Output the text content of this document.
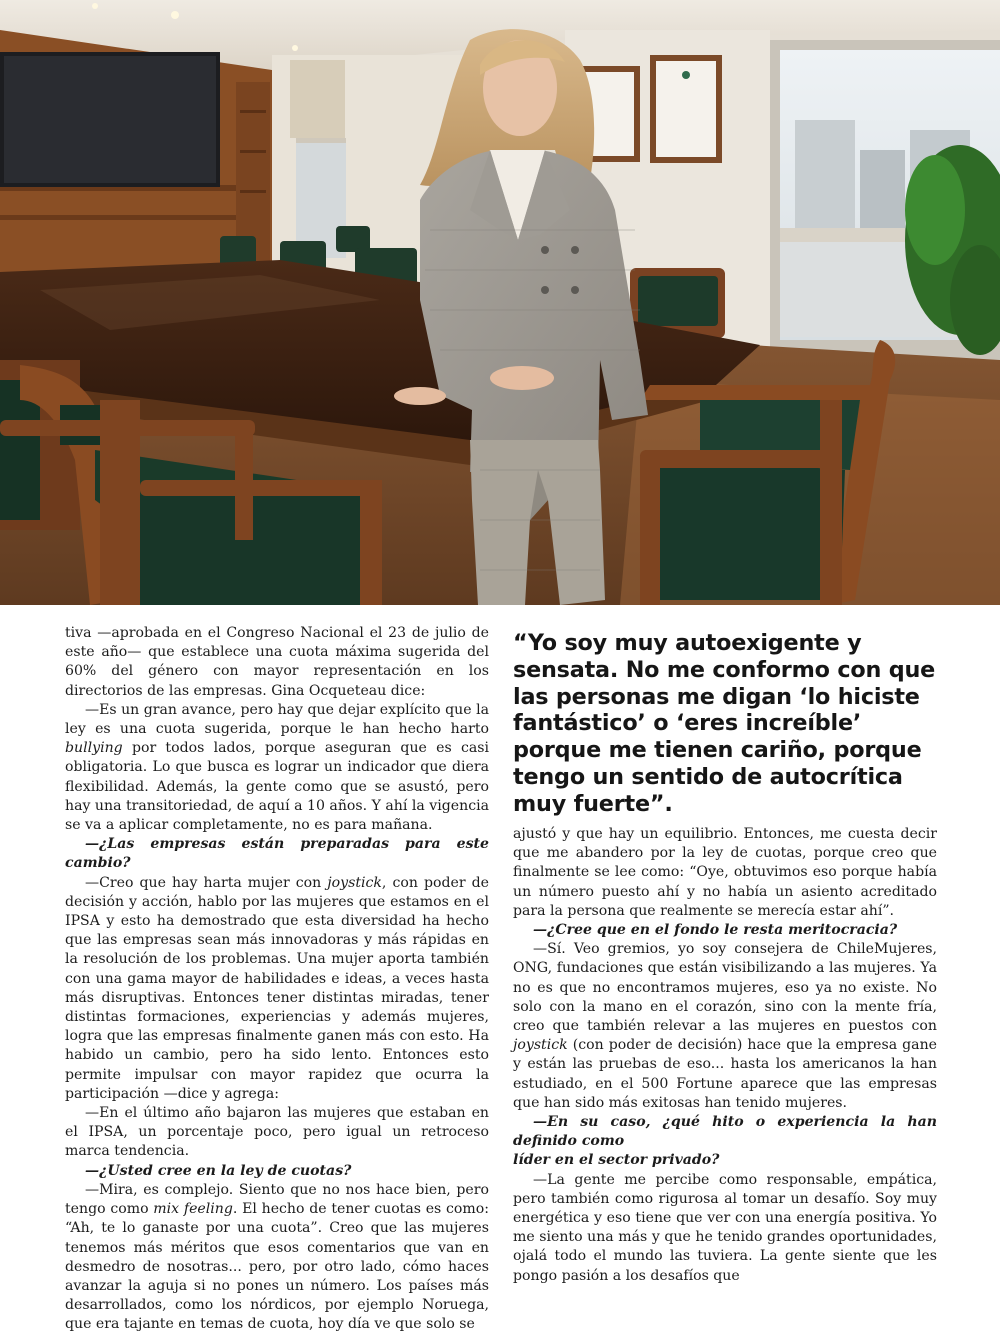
tiva —aprobada en el Congreso Nacional el 23 de julio de este año— que establece una cuota máxima sugerida del 60% del género con mayor representación en los directorios de las empresas. Gina Ocqueteau dice:

—Es un gran avance, pero hay que dejar explícito que la ley es una cuota sugerida, porque le han hecho harto bullying por todos lados, porque aseguran que es casi obligatoria. Lo que busca es lograr un indicador que diera flexibilidad. Además, la gente como que se asustó, pero hay una transitoriedad, de aquí a 10 años. Y ahí la vigencia se va a aplicar completamente, no es para mañana.

—¿Las empresas están preparadas para este cambio?

—Creo que hay harta mujer con joystick, con poder de decisión y acción, hablo por las mujeres que estamos en el IPSA y esto ha demostrado que esta diversidad ha hecho que las empresas sean más innovadoras y más rápidas en la resolución de los problemas. Una mujer aporta también con una gama mayor de habilidades e ideas, a veces hasta más disruptivas. Entonces tener distintas miradas, tener distintas formaciones, experiencias y además mujeres, logra que las empresas finalmente ganen más con esto. Ha habido un cambio, pero ha sido lento. Entonces esto permite impulsar con mayor rapidez que ocurra la participación —dice y agrega:

—En el último año bajaron las mujeres que estaban en el IPSA, un porcentaje poco, pero igual un retroceso marca tendencia.

—¿Usted cree en la ley de cuotas?

—Mira, es complejo. Siento que no nos hace bien, pero tengo como mix feeling. El hecho de tener cuotas es como: “Ah, te lo ganaste por una cuota”. Creo que las mujeres tenemos más méritos que esos comentarios que van en desmedro de nosotras... pero, por otro lado, cómo haces avanzar la aguja si no pones un número. Los países más desarrollados, como los nórdicos, por ejemplo Noruega, que era tajante en temas de cuota, hoy día ve que solo se

“Yo soy muy autoexigente y sensata. No me conformo con que las personas me digan ‘lo hiciste fantástico’ o ‘eres increíble’ porque me tienen cariño, porque tengo un sentido de autocrítica muy fuerte”.

ajustó y que hay un equilibrio. Entonces, me cuesta decir que me abandero por la ley de cuotas, porque creo que finalmente se lee como: “Oye, obtuvimos eso porque había un número puesto ahí y no había un asiento acreditado para la persona que realmente se merecía estar ahí”.

—¿Cree que en el fondo le resta meritocracia?

—Sí. Veo gremios, yo soy consejera de ChileMujeres, ONG, fundaciones que están visibilizando a las mujeres. Ya no es que no encontramos mujeres, eso ya no existe. No solo con la mano en el corazón, sino con la mente fría, creo que también relevar a las mujeres en puestos con joystick (con poder de decisión) hace que la empresa gane y están las pruebas de eso... hasta los americanos la han estudiado, en el 500 Fortune aparece que las empresas que han sido más exitosas han tenido mujeres.

—En su caso, ¿qué hito o experiencia la han definido como
líder en el sector privado?

—La gente me percibe como responsable, empática, pero también como rigurosa al tomar un desafío. Soy muy energética y eso tiene que ver con una energía positiva. Yo me siento una más y que he tenido grandes oportunidades, ojalá todo el mundo las tuviera. La gente siente que les pongo pasión a los desafíos que
